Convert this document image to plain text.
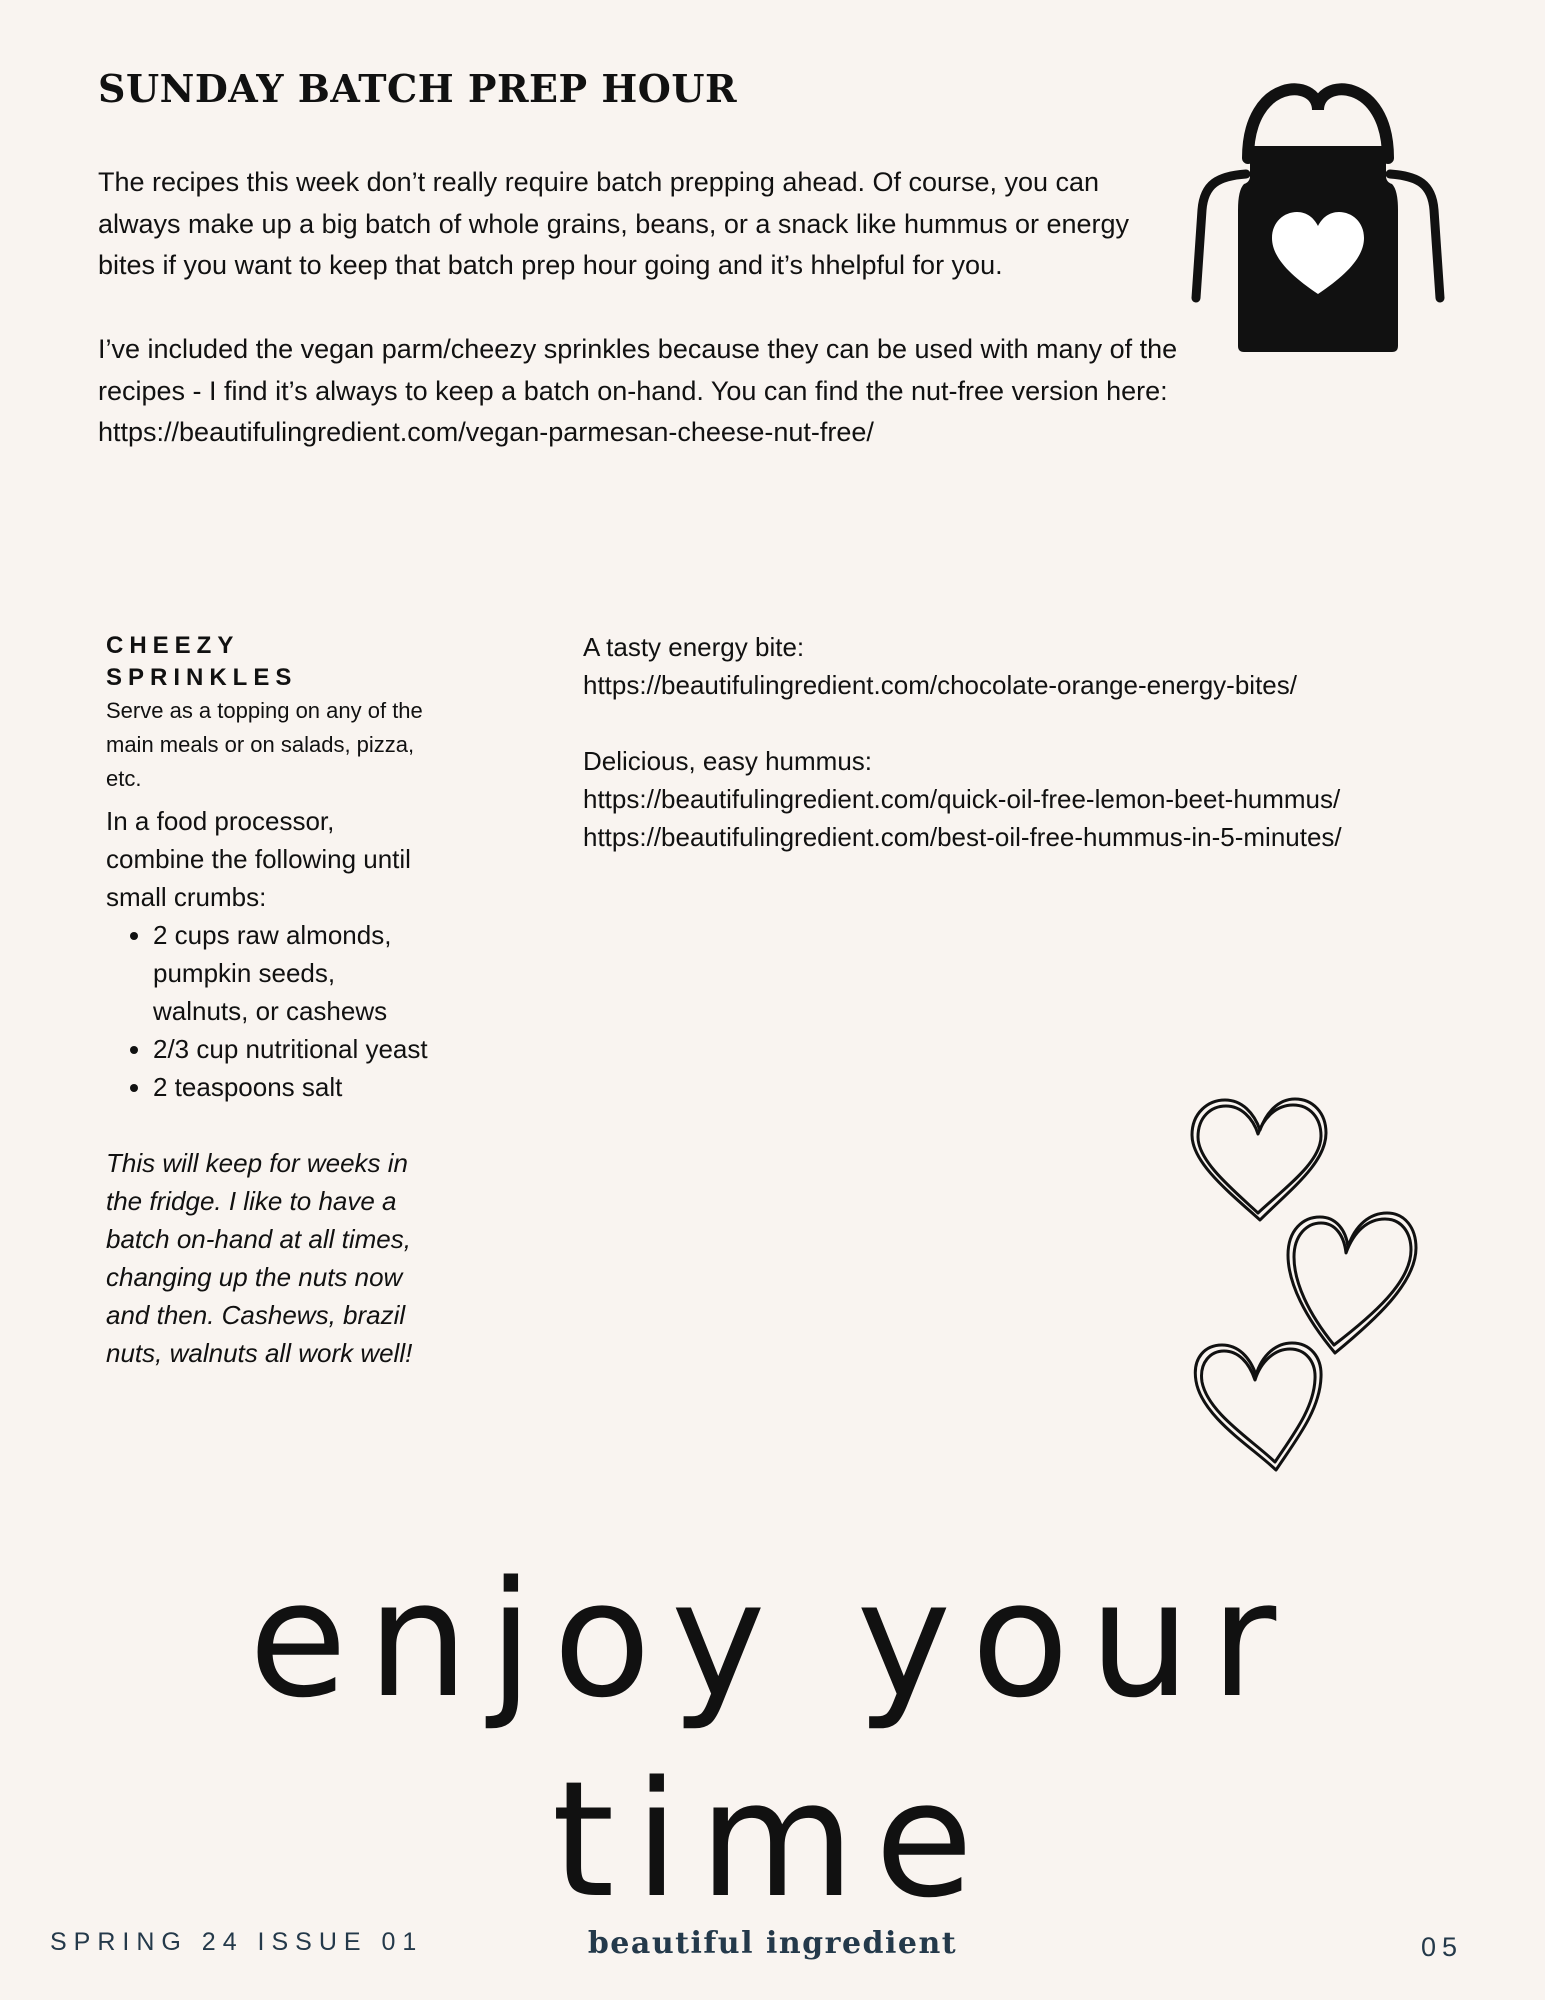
SUNDAY BATCH PREP HOUR

The recipes this week don’t really require batch prepping ahead. Of course, you can always make up a big batch of whole grains, beans, or a snack like hummus or energy bites if you want to keep that batch prep hour going and it’s hhelpful for you.

I’ve included the vegan parm/cheezy sprinkles because they can be used with many of the recipes - I find it’s always to keep a batch on-hand. You can find the nut-free version here: https://beautifulingredient.com/vegan-parmesan-cheese-nut-free/

CHEEZY SPRINKLES

Serve as a topping on any of the main meals or on salads, pizza, etc.

In a food processor, combine the following until small crumbs:

• 2 cups raw almonds, pumpkin seeds, walnuts, or cashews
• 2/3 cup nutritional yeast
• 2 teaspoons salt

This will keep for weeks in the fridge. I like to have a batch on-hand at all times, changing up the nuts now and then. Cashews, brazil nuts, walnuts all work well!

A tasty energy bite:
https://beautifulingredient.com/chocolate-orange-energy-bites/

Delicious, easy hummus:
https://beautifulingredient.com/quick-oil-free-lemon-beet-hummus/
https://beautifulingredient.com/best-oil-free-hummus-in-5-minutes/

enjoy your time
SPRING 24 ISSUE 01	beautiful ingredient	05
